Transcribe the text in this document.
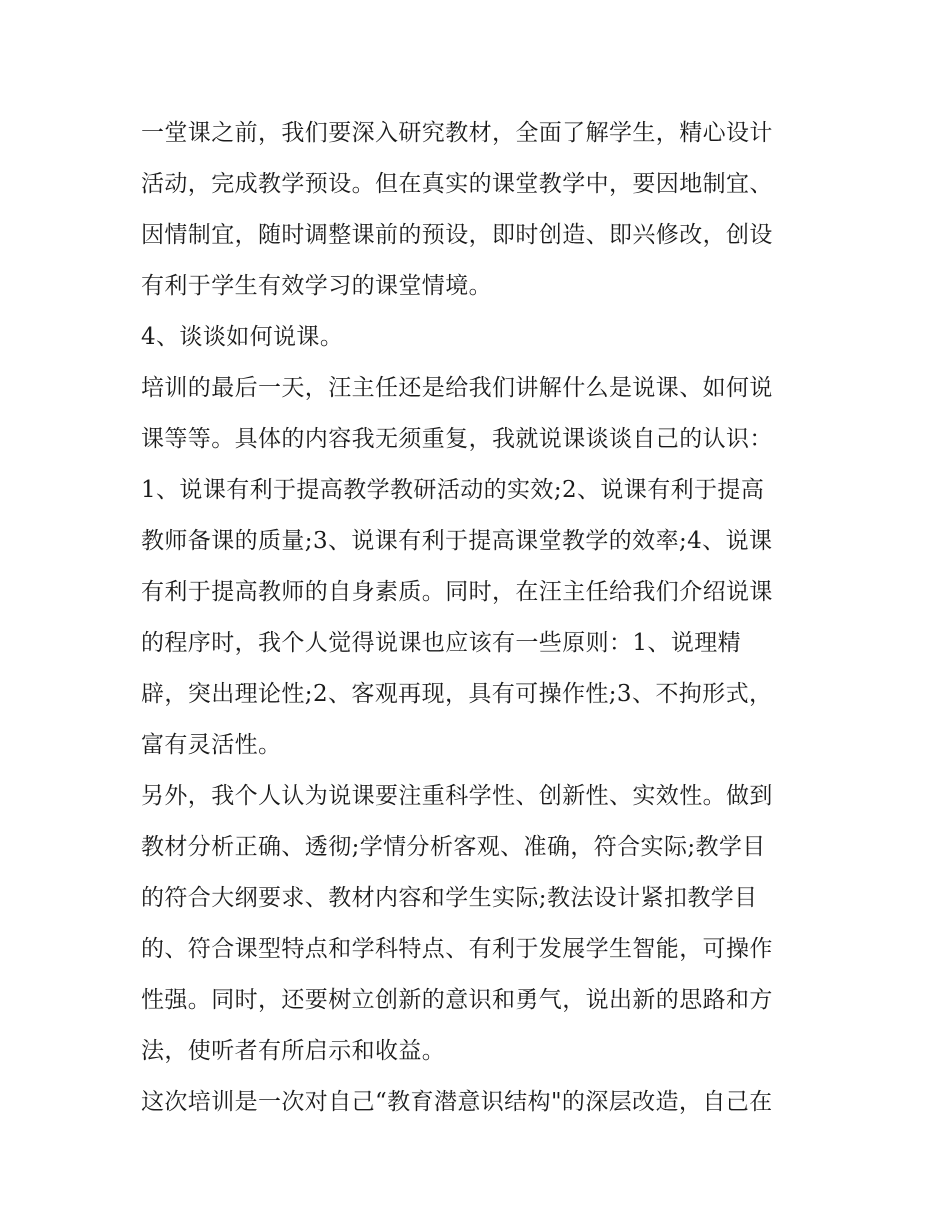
一堂课之前，我们要深入研究教材，全面了解学生，精心设计
活动，完成教学预设。但在真实的课堂教学中，要因地制宜、
因情制宜，随时调整课前的预设，即时创造、即兴修改，创设
有利于学生有效学习的课堂情境。
4、谈谈如何说课。
培训的最后一天，汪主任还是给我们讲解什么是说课、如何说
课等等。具体的内容我无须重复，我就说课谈谈自己的认识：
1、说课有利于提高教学教研活动的实效;2、说课有利于提高
教师备课的质量;3、说课有利于提高课堂教学的效率;4、说课
有利于提高教师的自身素质。同时，在汪主任给我们介绍说课
的程序时，我个人觉得说课也应该有一些原则：1、说理精
辟，突出理论性;2、客观再现，具有可操作性;3、不拘形式，
富有灵活性。
另外，我个人认为说课要注重科学性、创新性、实效性。做到
教材分析正确、透彻;学情分析客观、准确，符合实际;教学目
的符合大纲要求、教材内容和学生实际;教法设计紧扣教学目
的、符合课型特点和学科特点、有利于发展学生智能，可操作
性强。同时，还要树立创新的意识和勇气，说出新的思路和方
法，使听者有所启示和收益。
这次培训是一次对自己“教育潜意识结构"的深层改造，自己在
